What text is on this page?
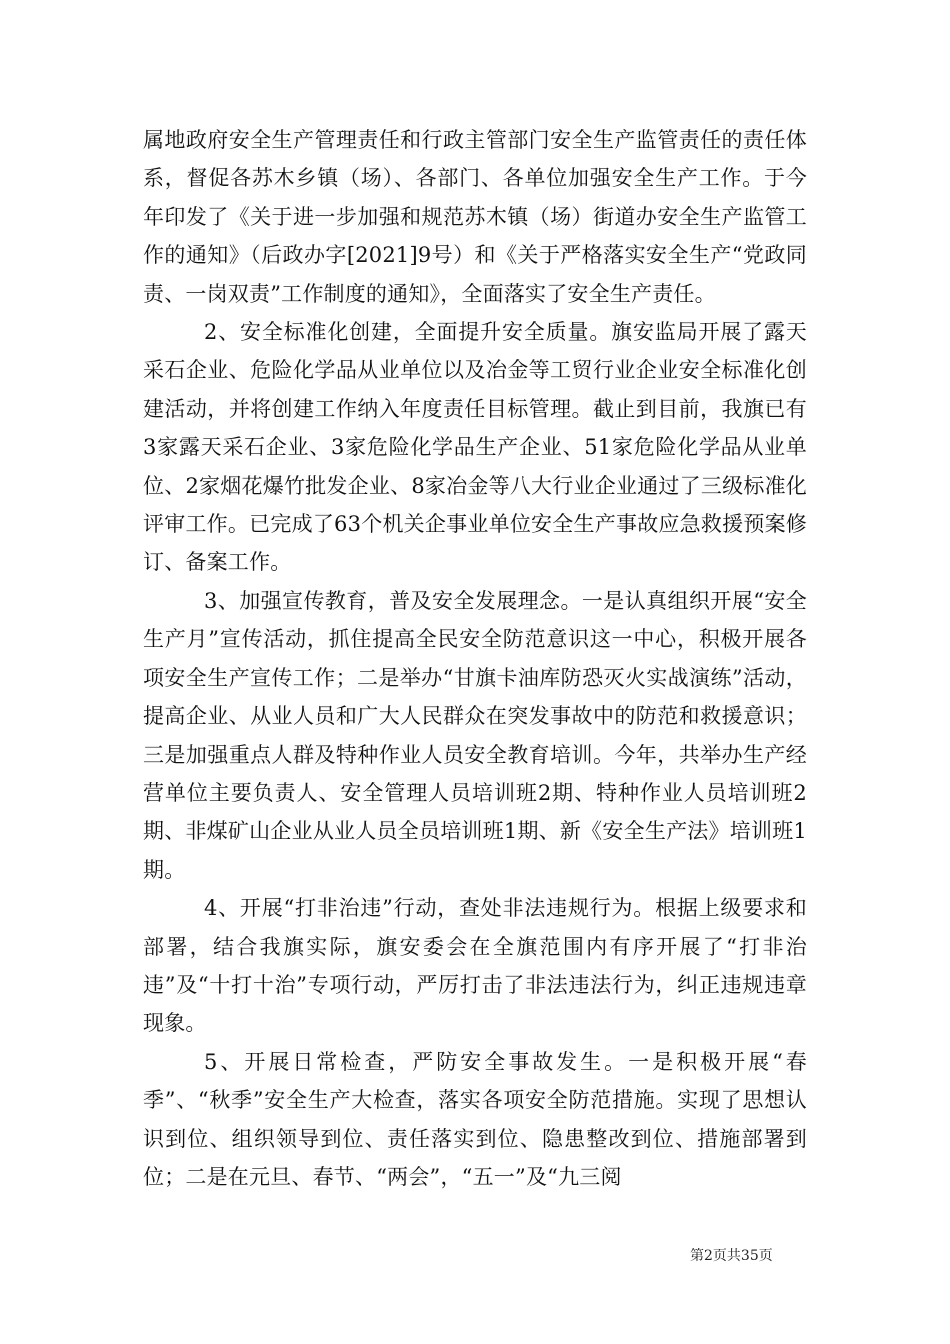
属地政府安全生产管理责任和行政主管部门安全生产监管责任的责任体系，督促各苏木乡镇（场）、各部门、各单位加强安全生产工作。于今年印发了《关于进一步加强和规范苏木镇（场）街道办安全生产监管工作的通知》（后政办字[2021]9号）和《关于严格落实安全生产“党政同责、一岗双责”工作制度的通知》，全面落实了安全生产责任。

2、安全标准化创建，全面提升安全质量。旗安监局开展了露天采石企业、危险化学品从业单位以及冶金等工贸行业企业安全标准化创建活动，并将创建工作纳入年度责任目标管理。截止到目前，我旗已有3家露天采石企业、3家危险化学品生产企业、51家危险化学品从业单位、2家烟花爆竹批发企业、8家冶金等八大行业企业通过了三级标准化评审工作。已完成了63个机关企事业单位安全生产事故应急救援预案修订、备案工作。

3、加强宣传教育，普及安全发展理念。一是认真组织开展“安全生产月”宣传活动，抓住提高全民安全防范意识这一中心，积极开展各项安全生产宣传工作；二是举办“甘旗卡油库防恐灭火实战演练”活动，提高企业、从业人员和广大人民群众在突发事故中的防范和救援意识；三是加强重点人群及特种作业人员安全教育培训。今年，共举办生产经营单位主要负责人、安全管理人员培训班2期、特种作业人员培训班2期、非煤矿山企业从业人员全员培训班1期、新《安全生产法》培训班1期。

4、开展“打非治违”行动，查处非法违规行为。根据上级要求和部署，结合我旗实际，旗安委会在全旗范围内有序开展了“打非治违”及“十打十治”专项行动，严厉打击了非法违法行为，纠正违规违章现象。

5、开展日常检查，严防安全事故发生。一是积极开展“春季”、“秋季”安全生产大检查，落实各项安全防范措施。实现了思想认识到位、组织领导到位、责任落实到位、隐患整改到位、措施部署到位；二是在元旦、春节、“两会”，“五一”及“九三阅

第2页共35页
